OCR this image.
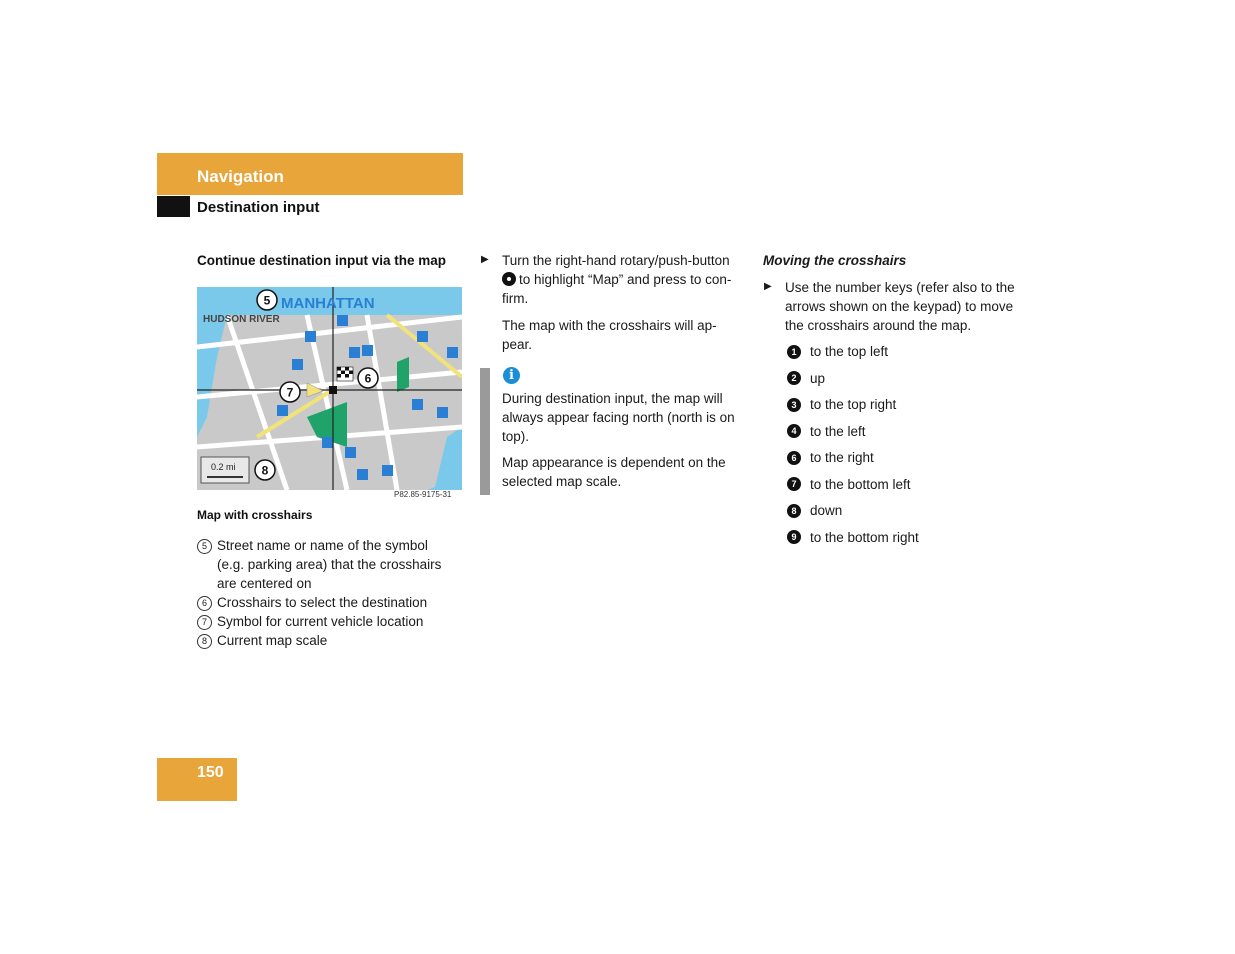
Navigation
Destination input
Continue destination input via the map
MANHATTAN
HUDSON RIVER
0.2 mi
5
6
7
8
P82.85-9175-31
Map with crosshairs
5 Street name or name of the symbol
(e.g. parking area) that the crosshairs
are centered on
6 Crosshairs to select the destination
7 Symbol for current vehicle location
8 Current map scale
▶ Turn the right-hand rotary/push-button
to highlight “Map” and press to con-
firm.
The map with the crosshairs will ap-
pear.
i
During destination input, the map will
always appear facing north (north is on
top).
Map appearance is dependent on the
selected map scale.
Moving the crosshairs
▶ Use the number keys (refer also to the
arrows shown on the keypad) to move
the crosshairs around the map.
1	to the top left
2	up
3	to the top right
4	to the left
6	to the right
7	to the bottom left
8	down
9	to the bottom right
150
